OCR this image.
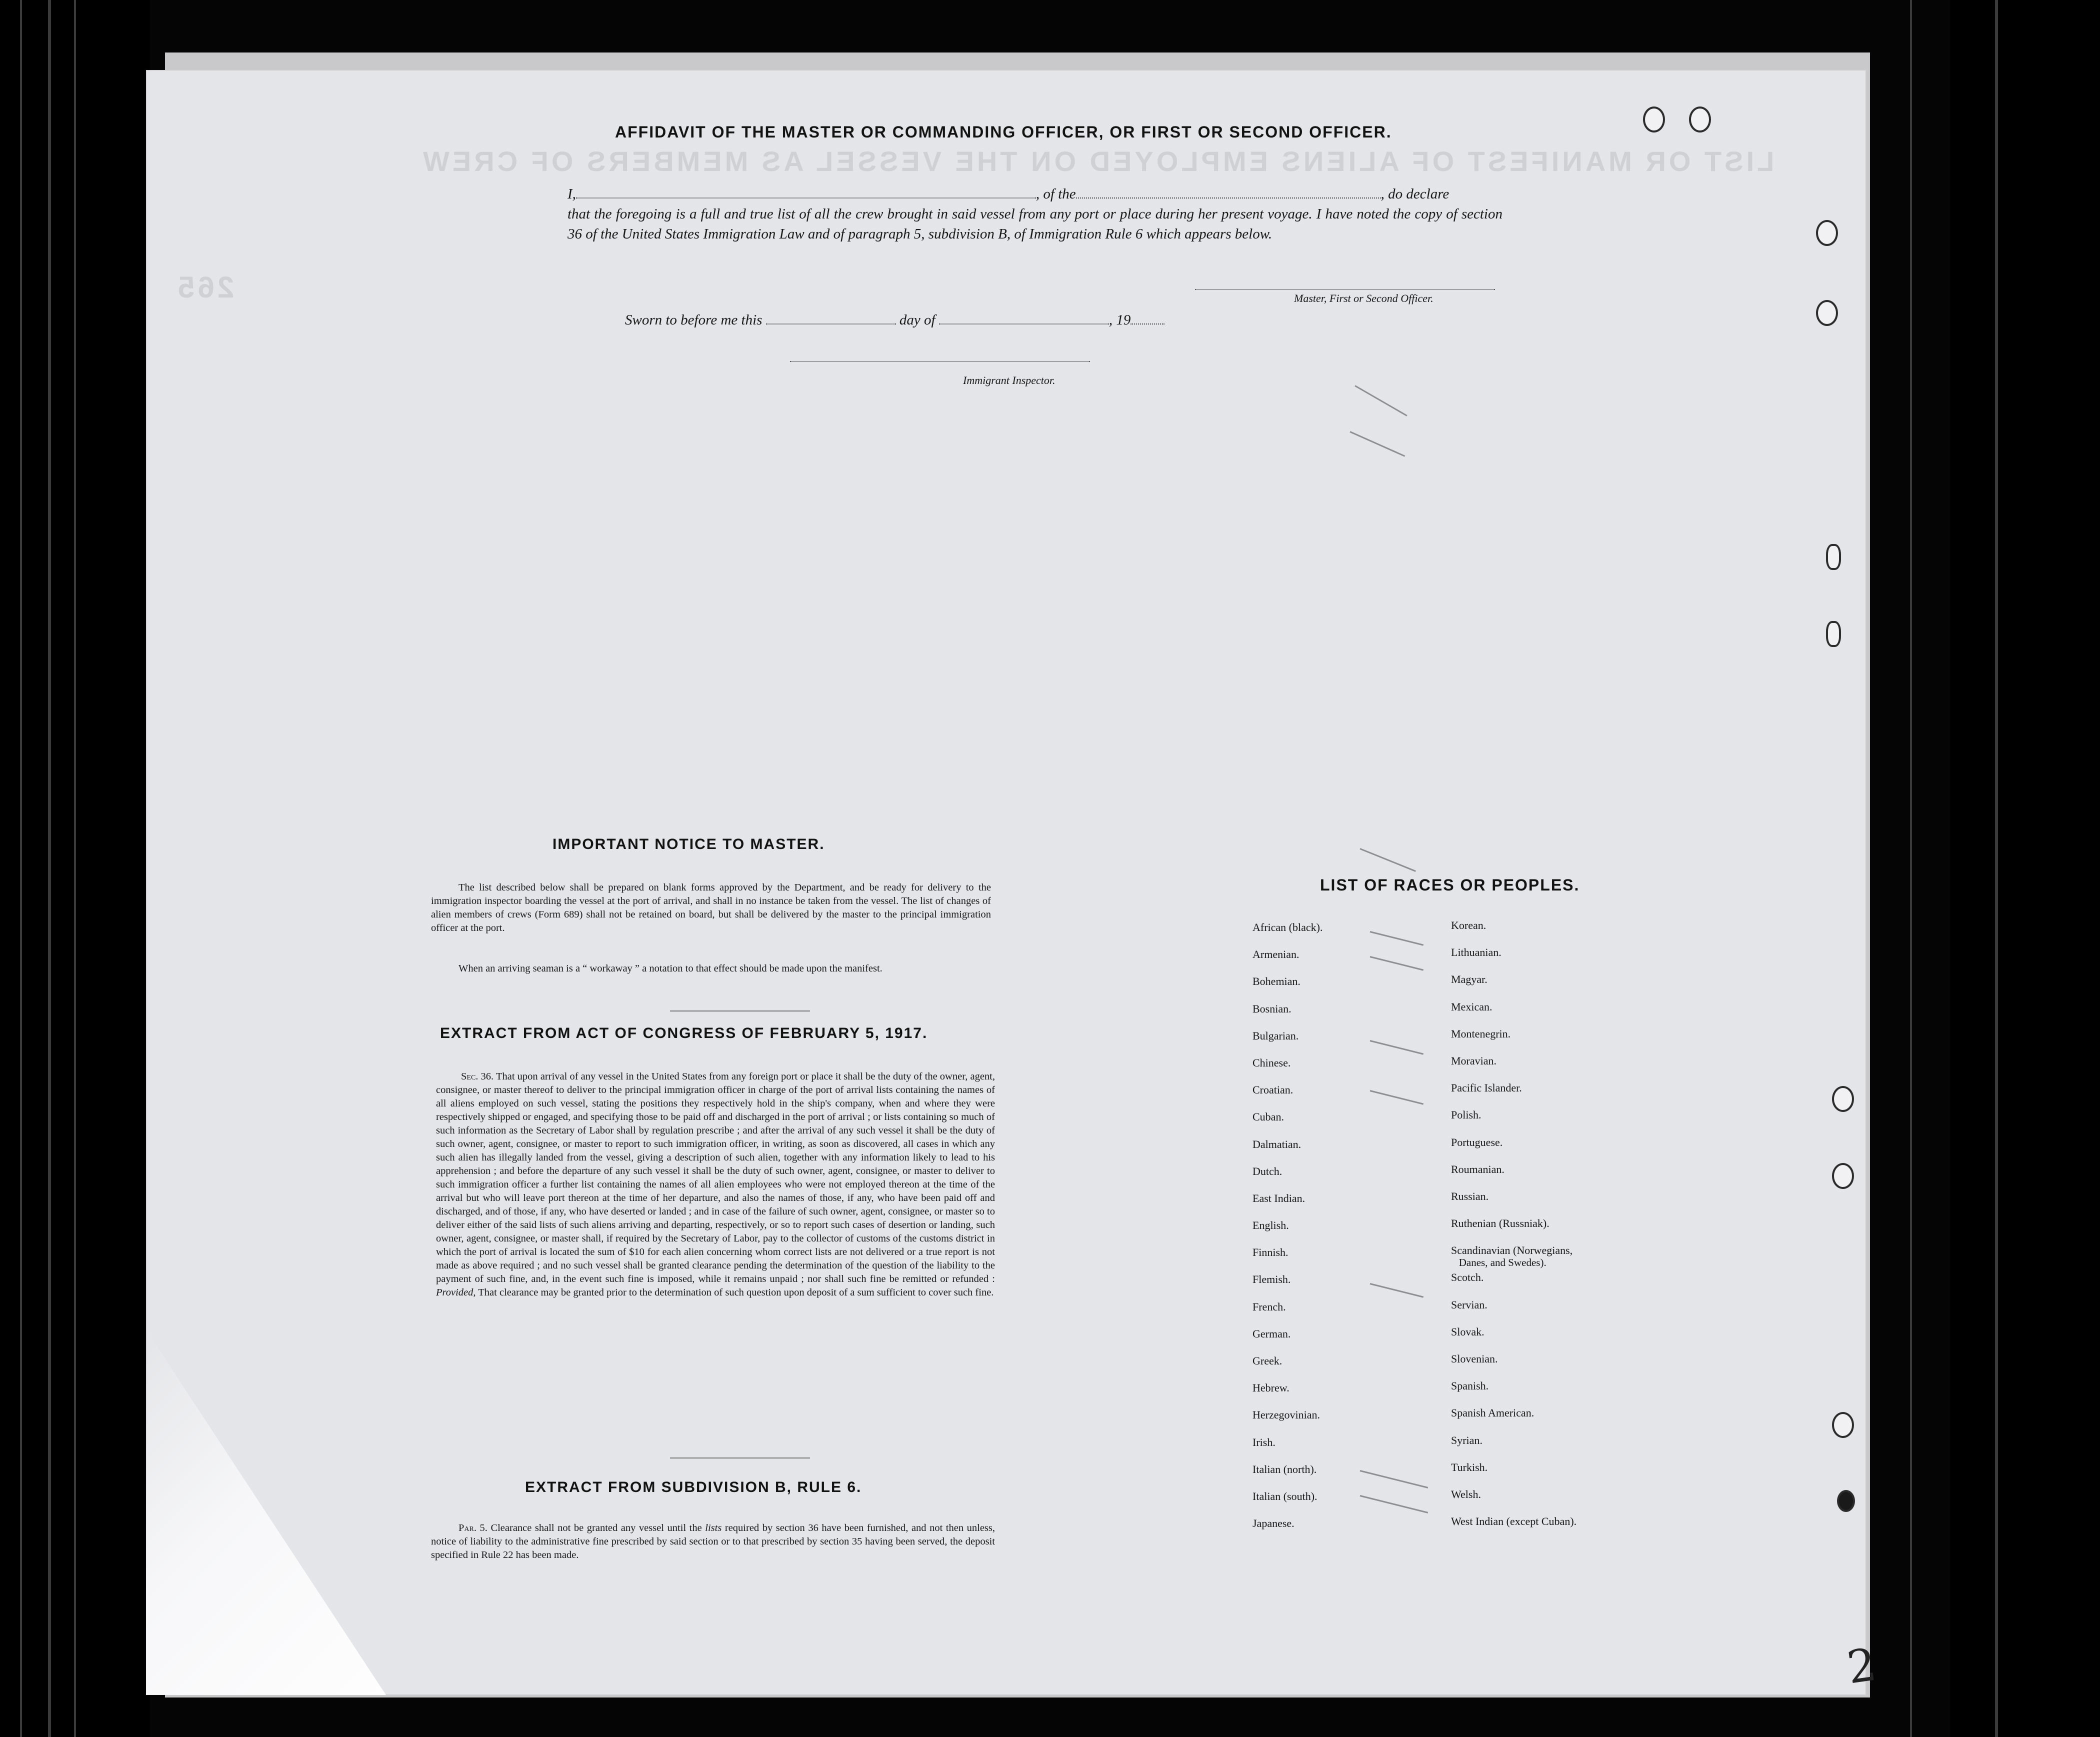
LIST OR MANIFEST OF ALIENS EMPLOYED ON THE VESSEL AS MEMBERS OF CREW
265
AFFIDAVIT OF THE MASTER OR COMMANDING OFFICER, OR FIRST OR SECOND OFFICER.
I,	, of the	, do declare
that the foregoing is a full and true list of all the crew brought in said vessel from any port or place during her present voyage. I have noted the copy of section 36 of the United States Immigration Law and of paragraph 5, subdivision B, of Immigration Rule 6 which appears below.
Master, First or Second Officer.
Sworn to before me this	day of	, 19
Immigrant Inspector.
IMPORTANT NOTICE TO MASTER.
The list described below shall be prepared on blank forms approved by the Department, and be ready for delivery to the immigration inspector boarding the vessel at the port of arrival, and shall in no instance be taken from the vessel. The list of changes of alien members of crews (Form 689) shall not be retained on board, but shall be delivered by the master to the principal immigration officer at the port.
When an arriving seaman is a “ workaway ” a notation to that effect should be made upon the manifest.
EXTRACT FROM ACT OF CONGRESS OF FEBRUARY 5, 1917.
Sec. 36. That upon arrival of any vessel in the United States from any foreign port or place it shall be the duty of the owner, agent, consignee, or master thereof to deliver to the principal immigration officer in charge of the port of arrival lists containing the names of all aliens employed on such vessel, stating the positions they respectively hold in the ship's company, when and where they were respectively shipped or engaged, and specifying those to be paid off and discharged in the port of arrival ; or lists containing so much of such information as the Secretary of Labor shall by regulation prescribe ; and after the arrival of any such vessel it shall be the duty of such owner, agent, consignee, or master to report to such immigration officer, in writing, as soon as discovered, all cases in which any such alien has illegally landed from the vessel, giving a description of such alien, together with any information likely to lead to his apprehension ; and before the departure of any such vessel it shall be the duty of such owner, agent, consignee, or master to deliver to such immigration officer a further list containing the names of all alien employees who were not employed thereon at the time of the arrival but who will leave port thereon at the time of her departure, and also the names of those, if any, who have been paid off and discharged, and of those, if any, who have deserted or landed ; and in case of the failure of such owner, agent, consignee, or master so to deliver either of the said lists of such aliens arriving and departing, respectively, or so to report such cases of desertion or landing, such owner, agent, consignee, or master shall, if required by the Secretary of Labor, pay to the collector of customs of the customs district in which the port of arrival is located the sum of $10 for each alien concerning whom correct lists are not delivered or a true report is not made as above required ; and no such vessel shall be granted clearance pending the determination of the question of the liability to the payment of such fine, and, in the event such fine is imposed, while it remains unpaid ; nor shall such fine be remitted or refunded : Provided, That clearance may be granted prior to the determination of such question upon deposit of a sum sufficient to cover such fine.
EXTRACT FROM SUBDIVISION B, RULE 6.
Par. 5. Clearance shall not be granted any vessel until the lists required by section 36 have been furnished, and not then unless, notice of liability to the administrative fine prescribed by said section or to that prescribed by section 35 having been served, the deposit specified in Rule 22 has been made.
LIST OF RACES OR PEOPLES.
African (black).
Armenian.
Bohemian.
Bosnian.
Bulgarian.
Chinese.
Croatian.
Cuban.
Dalmatian.
Dutch.
East Indian.
English.
Finnish.
Flemish.
French.
German.
Greek.
Hebrew.
Herzegovinian.
Irish.
Italian (north).
Italian (south).
Japanese.
Korean.
Lithuanian.
Magyar.
Mexican.
Montenegrin.
Moravian.
Pacific Islander.
Polish.
Portuguese.
Roumanian.
Russian.
Ruthenian (Russniak).
Scandinavian (Norwegians,
Danes, and Swedes).
Scotch.
Servian.
Slovak.
Slovenian.
Spanish.
Spanish American.
Syrian.
Turkish.
Welsh.
West Indian (except Cuban).
2
